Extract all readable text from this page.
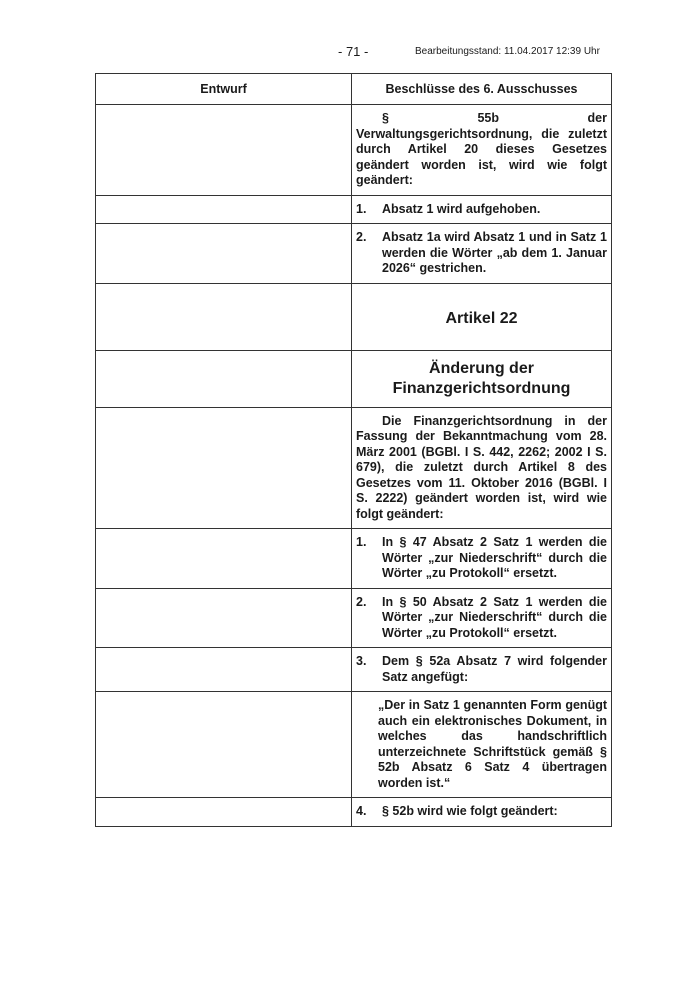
- 71 -	Bearbeitungsstand: 11.04.2017 12:39 Uhr
Entwurf	Beschlüsse des 6. Ausschusses

	§ 55b der Verwaltungsgerichtsordnung, die zuletzt durch Artikel 20 dieses Gesetzes geändert worden ist, wird wie folgt geändert:

	1. Absatz 1 wird aufgehoben.

	2. Absatz 1a wird Absatz 1 und in Satz 1 werden die Wörter „ab dem 1. Januar 2026“ gestrichen.

	Artikel 22

	Änderung der Finanzgerichtsordnung

	Die Finanzgerichtsordnung in der Fassung der Bekanntmachung vom 28. März 2001 (BGBl. I S. 442, 2262; 2002 I S. 679), die zuletzt durch Artikel 8 des Gesetzes vom 11. Oktober 2016 (BGBl. I S. 2222) geändert worden ist, wird wie folgt geändert:

	1. In § 47 Absatz 2 Satz 1 werden die Wörter „zur Niederschrift“ durch die Wörter „zu Protokoll“ ersetzt.

	2. In § 50 Absatz 2 Satz 1 werden die Wörter „zur Niederschrift“ durch die Wörter „zu Protokoll“ ersetzt.

	3. Dem § 52a Absatz 7 wird folgender Satz angefügt:

	„Der in Satz 1 genannten Form genügt auch ein elektronisches Dokument, in welches das handschriftlich unterzeichnete Schriftstück gemäß § 52b Absatz 6 Satz 4 übertragen worden ist.“

	4. § 52b wird wie folgt geändert:
